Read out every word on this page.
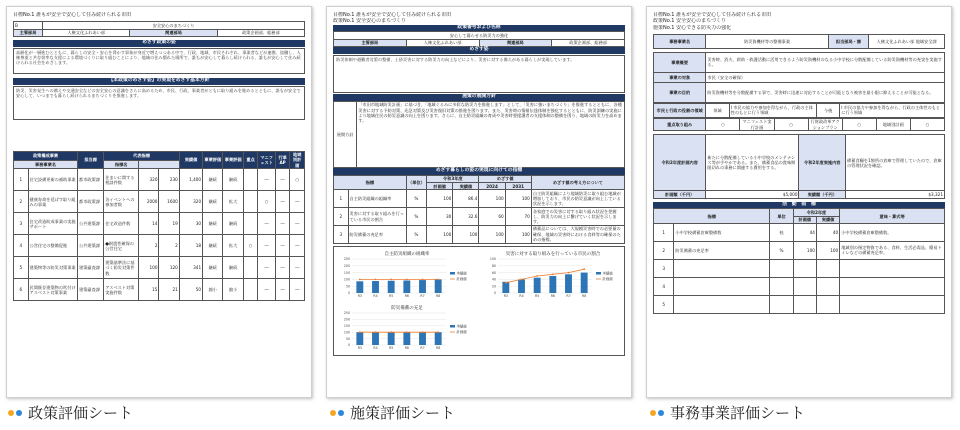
目標No.1 誰もが安全で安心して住み続けられる市田
B	安全安心のまちづくり		
主管部局	人権文化ふれあい部	関連部局	政策企画部、総務部
めざす政策の姿
高齢化が一層進むとともに、暮らしの安全・安心を脅かす事象が身近で増えつつある中で、行政、地域、市民それぞれ、事業者などが連携、協働し、人権尊重と共存効率な支援による環境づくりに取り組むことにより、地域の住み慣れた場所で、誰もが安心して暮らし続けられる、誰もが安心して住み続けられる社会をめざします。
【本政策のめざす姿】の実現をめざす基本方針
防災、災害発生への備えや交通安全などの安全安心の意識をさらに高めるため、市民、行政、事業者がともに取り組みを進めるとともに、誰もが安全で安心して、いつまでも暮らし続けられるまちづくりを推進します。
政策構成事業		担当課	代表指標			実績値	事業評価	事業評価	重点	マニフェスト	行革AP	地域別計画
事務事業名			指標名									
1	住宅設備更新の補助事業	都市政策課	住まいに関する相談件数	320	230	1,400	継続	継続		―	―	○
2	健康寿命を延ばす取り組みの事業	都市政策課	各イベントへの参加者数	2000	1600	320	継続	拡大		○	―	―
3	住宅改造助成事業の実施サポート	公共建築課	住宅改造件数	14	19	30	継続	継続		―	―	―
4	公営住宅の整備促進	公共建築課	●耐震性確保の公営住宅	2	2	18	継続	拡大	○	―	―	―
5	建築物等の防災対策事業	建築審査課	建築基準法に基づく防災対策件数	100	120	341	継続	継続		―	―	―
6	民間既存建築物の吹付けアスベスト対策事業	建築審査課	アスベスト対策実施件数	15	21	50	縮小	縮小		―	―	―
目標No.1 誰もが安全で安心して住み続けられる市田
政策No.1 安全安心のまちづくり
政策番号および名称
安心して暮らせる防災力の強化
主管部局	人権文化ふれあい部	関連部局	政策企画部、総務部
めざす姿
防災体制や避難者対策の整備、土砂災害に対する防災力の向上などにより、災害に対する備えがある暮らしが実現しています。
施策の展開方針
展開方針	「市田市地域防災計画」に基づき、「地域ぐるみに多彩な防災力を推進します」として、「災害に強いまちづくり」を推進するとともに、各種災害に対する予防対策、応急対策及び災害復旧対策の推進を図ります。また、災害時の情報伝達体制を強化するとともに、防災訓練の実施により地域住民の防災意識の向上を図ります。さらに、自主防災組織の育成や災害時要援護者の支援体制の整備を図り、地域の防災力を高めます。
めざす暮らしの姿の実現に向けての指標
指標		（単位）	令和3年度		めざす値		めざす値の考え方について
			計画値	実績値	2024	2031	
1	自主防災組織の組織率	%	100	86.4	100	100	自主防災組織により地域防災に取り組む地域が増加しており、市民の防災意識が向上している状況を示します。
2	災害に対する取り組みを行っている市民の割合	%	30	32.6	60	70	各家庭での災害に対する取り組み状況を把握し、防災力の向上に繋げていく状況を示します。
3	防災備蓄の充足率	%	100	100	100	100	備蓄品については、大規模災害時での必要量の確保、地域の災害時における食料等の確保のための指標。
自主防災組織の組織率
0
50
100
150
200
250
R3	R4	R5	R6	R7	R8
実績値
計画値
災害に対する取り組みを行っている市民の割合
0
20
40
60
80
100
R3	R4	R5	R6	R7	R8
実績値
計画値
防災備蓄の充足
0
50
100
150
200
250
R3	R4	R5	R6	R7	R8
実績値
計画値
目標No.1 誰もが安全で安心して住み続けられる市田
政策No.1 安全安心のまちづくり
施策No.1 安心できる防災力の強化
事務事業名	防災資機材等の整備事業	担当部局・課	人権文化ふれあい部 地域安全課
事業概要	災害時、消火、救助・救護活動に活用できるよう防災資機材のなる小中学校に分散配備している防災資機材等の充実を実施する。
事業の対象	市民（安全の確保）
事業の目的	防災資機材等を分散配備する事で、災害時に迅速に対応することが可能となり被害を最小限に抑えることが可能となる。
市民と行政の役割の領域	領域	Ⅰ 市民の協力や参加を得ながら、行政の主体性のもとに行う領域	今後	Ⅰ 市民の協力や参加を得ながら、行政の主体性のもとに行う領域
重点取り組み	○	マニフェスト実行計画	○	行財政改革アクションプラン	○	地域別計画	○
令和2年度計画内容	新たに分散配備している小中学校のメンテナンス等が手やかである。また、備蓄食品の賞味期限切れの事務に関連する費用をする。	令和2年度実施内容	備蓄食糧を1箇所の倉庫で管理していたので、倉庫の管理状況を確認。
計画額（千円）	$5,000	実績額（千円）	$3,321
活　動　指　標
指標		単位	令和2年度		意味・算式等
			計画値	実績値	
1	小中学校備蓄倉庫整備数	校	44	40	小中学校備蓄倉庫整備数。
2	防災備蓄の充足率	%	100	100	地域別の指定物資である、食料、生活必需品、簡易トイレなどの備蓄充足率。
3					
4					
5					
政策評価シート	施策評価シート	事務事業評価シート
